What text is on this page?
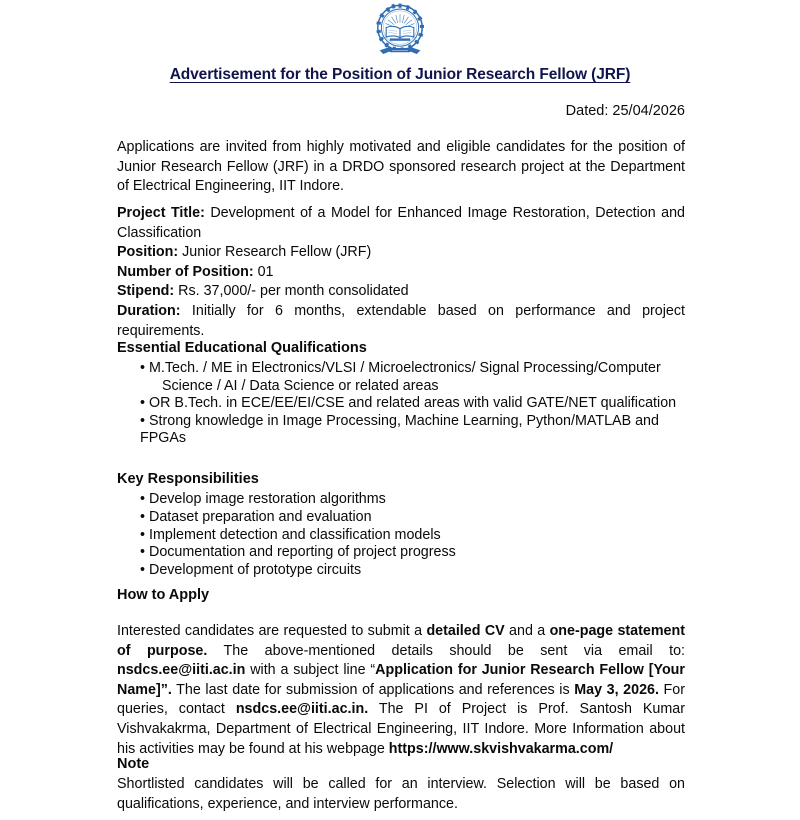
Advertisement for the Position of Junior Research Fellow (JRF)
Dated: 25/04/2026

Applications are invited from highly motivated and eligible candidates for the position of Junior Research Fellow (JRF) in a DRDO sponsored research project at the Department of Electrical Engineering, IIT Indore.

Project Title: Development of a Model for Enhanced Image Restoration, Detection and Classification

Position: Junior Research Fellow (JRF)

Number of Position: 01

Stipend: Rs. 37,000/- per month consolidated

Duration: Initially for 6 months, extendable based on performance and project requirements.

Essential Educational Qualifications

• M.Tech. / ME in Electronics/VLSI / Microelectronics/ Signal Processing/Computer Science / AI / Data Science or related areas
• OR B.Tech. in ECE/EE/EI/CSE and related areas with valid GATE/NET qualification
• Strong knowledge in Image Processing, Machine Learning, Python/MATLAB and FPGAs

Key Responsibilities

• Develop image restoration algorithms
• Dataset preparation and evaluation
• Implement detection and classification models
• Documentation and reporting of project progress
• Development of prototype circuits

How to Apply

Interested candidates are requested to submit a detailed CV and a one-page statement of purpose. The above-mentioned details should be sent via email to: nsdcs.ee@iiti.ac.in with a subject line “Application for Junior Research Fellow [Your Name]”. The last date for submission of applications and references is May 3, 2026. For queries, contact nsdcs.ee@iiti.ac.in. The PI of Project is Prof. Santosh Kumar Vishvakakrma, Department of Electrical Engineering, IIT Indore. More Information about his activities may be found at his webpage https://www.skvishvakarma.com/

Note

Shortlisted candidates will be called for an interview. Selection will be based on qualifications, experience, and interview performance.
